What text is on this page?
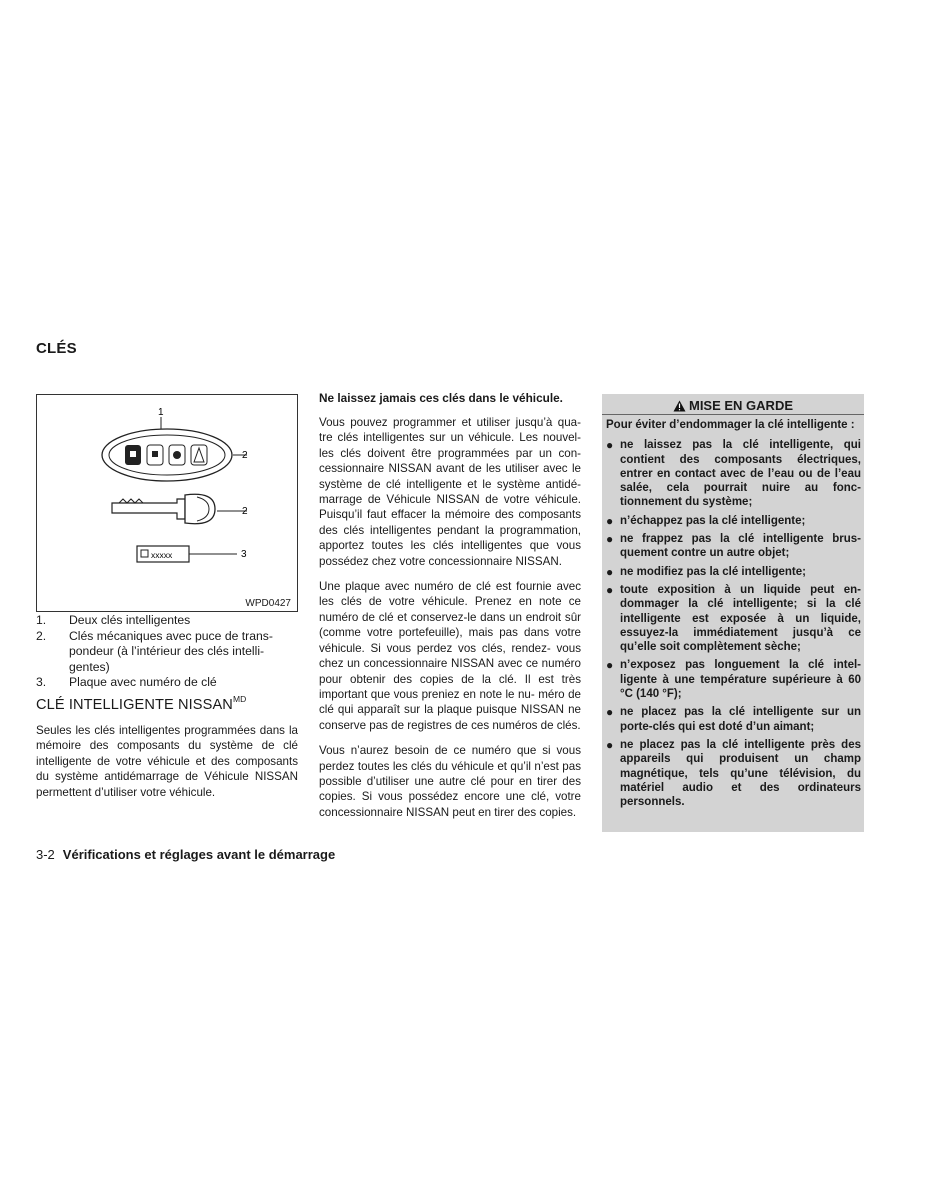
CLÉS
1
2
2
xxxxx	3
WPD0427
1.	Deux clés intelligentes
2.	Clés mécaniques avec puce de trans- pondeur (à l’intérieur des clés intelli- gentes)
3.	Plaque avec numéro de clé
CLÉ INTELLIGENTE $NISSAN^{MD}$
Seules les clés intelligentes programmées dans la mémoire des composants du système de clé intelligente de votre véhicule et des composants du système antidémarrage de Véhicule NISSAN permettent d’utiliser votre véhicule.
Ne laissez jamais ces clés dans le véhicule.

Vous pouvez programmer et utiliser jusqu’à qua- tre clés intelligentes sur un véhicule. Les nouvel- les clés doivent être programmées par un con- cessionnaire NISSAN avant de les utiliser avec le système de clé intelligente et le système antidé- marrage de Véhicule NISSAN de votre véhicule. Puisqu’il faut effacer la mémoire des composants des clés intelligentes pendant la programmation, apportez toutes les clés intelligentes que vous possédez chez votre concessionnaire NISSAN.

Une plaque avec numéro de clé est fournie avec les clés de votre véhicule. Prenez en note ce numéro de clé et conservez-le dans un endroit sûr (comme votre portefeuille), mais pas dans votre véhicule. Si vous perdez vos clés, rendez- vous chez un concessionnaire NISSAN avec ce numéro pour obtenir des copies de la clé. Il est très important que vous preniez en note le nu- méro de clé qui apparaît sur la plaque puisque NISSAN ne conserve pas de registres de ces numéros de clés.

Vous n’aurez besoin de ce numéro que si vous perdez toutes les clés du véhicule et qu’il n’est pas possible d’utiliser une autre clé pour en tirer des copies. Si vous possédez encore une clé, votre concessionnaire NISSAN peut en tirer des copies.

MISE EN GARDE

Pour éviter d’endommager la clé intelligente :

● ne laissez pas la clé intelligente, qui contient des composants électriques, entrer en contact avec de l’eau ou de l’eau salée, cela pourrait nuire au fonc- tionnement du système;
● n’échappez pas la clé intelligente;
● ne frappez pas la clé intelligente brus- quement contre un autre objet;
● ne modifiez pas la clé intelligente;
● toute exposition à un liquide peut en- dommager la clé intelligente; si la clé intelligente est exposée à un liquide, essuyez-la immédiatement jusqu’à ce qu’elle soit complètement sèche;
● n’exposez pas longuement la clé intel- ligente à une température supérieure à 60 °C (140 °F);
● ne placez pas la clé intelligente sur un porte-clés qui est doté d’un aimant;
● ne placez pas la clé intelligente près des appareils qui produisent un champ magnétique, tels qu’une télévision, du matériel audio et des ordinateurs personnels.
3-2 Vérifications et réglages avant le démarrage
